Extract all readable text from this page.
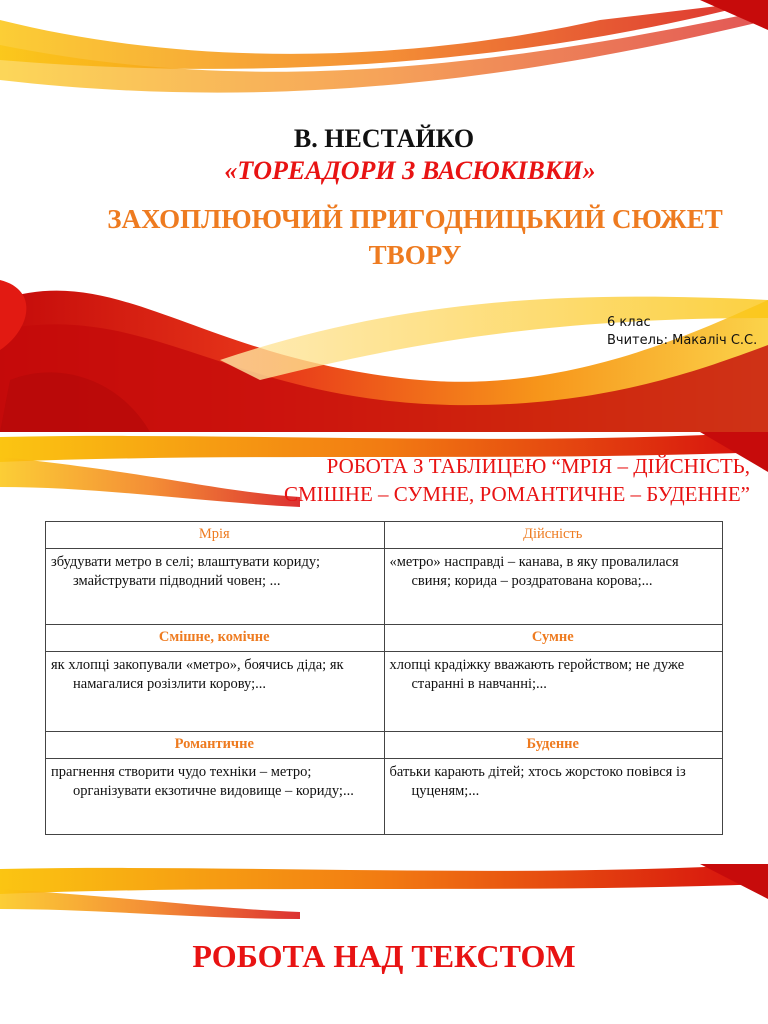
В. НЕСТАЙКО
«ТОРЕАДОРИ З ВАСЮКІВКИ»
ЗАХОПЛЮЮЧИЙ ПРИГОДНИЦЬКИЙ СЮЖЕТ
ТВОРУ
6 клас
Вчитель: Макаліч С.С.
РОБОТА З ТАБЛИЦЕЮ “МРІЯ – ДІЙСНІСТЬ,
СМІШНЕ – СУМНЕ, РОМАНТИЧНЕ – БУДЕННЕ”
Мрія	Дійсність

збудувати метро в селі; влаштувати кориду; змайструвати підводний човен; ...	«метро» насправді – канава, в яку провалилася свиня; корида – роздратована корова;...

Смішне, комічне	Сумне

як хлопці закопували «метро», боячись діда; як намагалися розізлити корову;...	хлопці крадіжку вважають геройством; не дуже старанні в навчанні;...

Романтичне	Буденне

прагнення створити чудо техніки – метро; організувати екзотичне видовище – кориду;...	батьки карають дітей; хтось жорстоко повівся із цуценям;...
РОБОТА НАД ТЕКСТОМ
